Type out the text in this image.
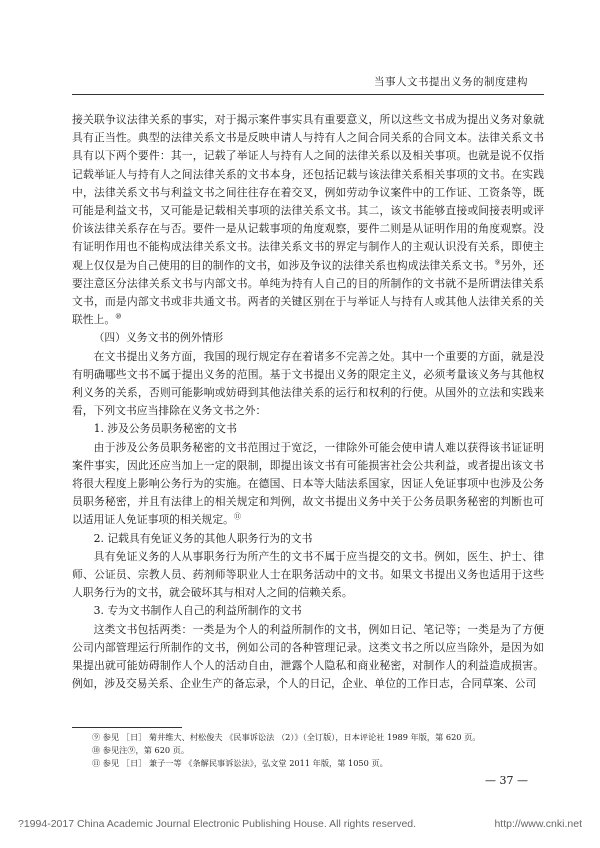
当事人文书提出义务的制度建构

接关联争议法律关系的事实，对于揭示案件事实具有重要意义，所以这些文书成为提出义务对象就具有正当性。典型的法律关系文书是反映申请人与持有人之间合同关系的合同文本。法律关系文书具有以下两个要件：其一，记载了举证人与持有人之间的法律关系以及相关事项。也就是说不仅指记载举证人与持有人之间法律关系的文书本身，还包括记载与该法律关系相关事项的文书。在实践中，法律关系文书与利益文书之间往往存在着交叉，例如劳动争议案件中的工作证、工资条等，既可能是利益文书，又可能是记载相关事项的法律关系文书。其二，该文书能够直接或间接表明或评价该法律关系存在与否。要件一是从记载事项的角度观察，要件二则是从证明作用的角度观察。没有证明作用也不能构成法律关系文书。法律关系文书的界定与制作人的主观认识没有关系，即使主观上仅仅是为自己使用的目的制作的文书，如涉及争议的法律关系也构成法律关系文书。⑨另外，还要注意区分法律关系文书与内部文书。单纯为持有人自己的目的所制作的文书就不是所谓法律关系文书，而是内部文书或非共通文书。两者的关键区别在于与举证人与持有人或其他人法律关系的关联性上。⑩

（四）义务文书的例外情形

在文书提出义务方面，我国的现行规定存在着诸多不完善之处。其中一个重要的方面，就是没有明确哪些文书不属于提出义务的范围。基于文书提出义务的限定主义，必须考量该义务与其他权利义务的关系，否则可能影响或妨碍到其他法律关系的运行和权利的行使。从国外的立法和实践来看，下列文书应当排除在义务文书之外：

1. 涉及公务员职务秘密的文书

由于涉及公务员职务秘密的文书范围过于宽泛，一律除外可能会使申请人难以获得该书证证明案件事实，因此还应当加上一定的限制，即提出该文书有可能损害社会公共利益，或者提出该文书将很大程度上影响公务行为的实施。在德国、日本等大陆法系国家，因证人免证事项中也涉及公务员职务秘密，并且有法律上的相关规定和判例，故文书提出义务中关于公务员职务秘密的判断也可以适用证人免证事项的相关规定。⑪

2. 记载具有免证义务的其他人职务行为的文书

具有免证义务的人从事职务行为所产生的文书不属于应当提交的文书。例如，医生、护士、律师、公证员、宗教人员、药剂师等职业人士在职务活动中的文书。如果文书提出义务也适用于这些人职务行为的文书，就会破坏其与相对人之间的信赖关系。

3. 专为文书制作人自己的利益所制作的文书

这类文书包括两类：一类是为个人的利益所制作的文书，例如日记、笔记等；一类是为了方便公司内部管理运行所制作的文书，例如公司的各种管理记录。这类文书之所以应当除外，是因为如果提出就可能妨碍制作人个人的活动自由，泄露个人隐私和商业秘密，对制作人的利益造成损害。例如，涉及交易关系、企业生产的备忘录，个人的日记，企业、单位的工作日志，合同草案、公司

⑨ 参见 ［日］ 菊井维大、村松俊夫 《民事诉讼法 （2）》（全订版），日本评论社 1989 年版，第 620 页。
⑩ 参见注⑨，第 620 页。
⑪ 参见 ［日］ 兼子一等 《条解民事诉讼法》，弘文堂 2011 年版，第 1050 页。
— 37 —
?1994-2017 China Academic Journal Electronic Publishing House. All rights reserved.	http://www.cnki.net
